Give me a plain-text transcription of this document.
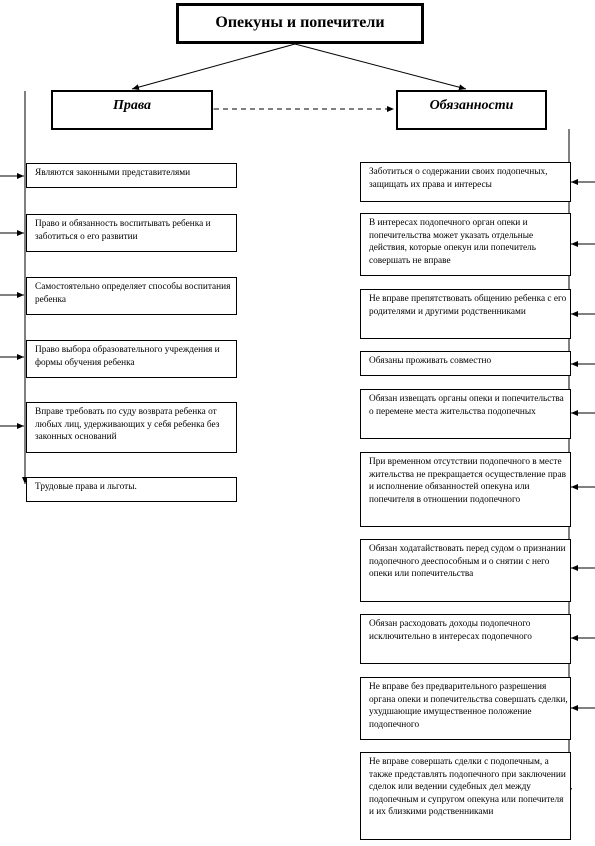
Опекуны и попечители
Права	Обязанности
Являются законными представителями
Право и обязанность воспитывать ребенка и заботиться о его развитии
Самостоятельно определяет способы воспитания ребенка
Право выбора образовательного учреждения и формы обучения ребенка
Вправе требовать по суду возврата ребенка от любых лиц, удерживающих у себя ребенка без законных оснований
Трудовые права и льготы.
Заботиться о содержании своих подопечных, защищать их права и интересы
В интересах подопечного орган опеки и попечительства может указать отдельные действия, которые опекун или попечитель совершать не вправе
Не вправе препятствовать общению ребенка с его родителями и другими родственниками
Обязаны проживать совместно
Обязан извещать органы опеки и попечительства о перемене места жительства подопечных
При временном отсутствии подопечного в месте жительства не прекращается осуществление прав и исполнение обязанностей опекуна или попечителя в отношении подопечного
Обязан ходатайствовать перед судом о признании подопечного дееспособным и о снятии с него опеки или попечительства
Обязан расходовать доходы подопечного исключительно в интересах подопечного
Не вправе без предварительного разрешения органа опеки и попечительства совершать сделки, ухудшающие имущественное положение подопечного
Не вправе совершать сделки с подопечным, а также представлять подопечного при заключении сделок или ведении судебных дел между подопечным и супругом опекуна или попечителя и их близкими родственниками
